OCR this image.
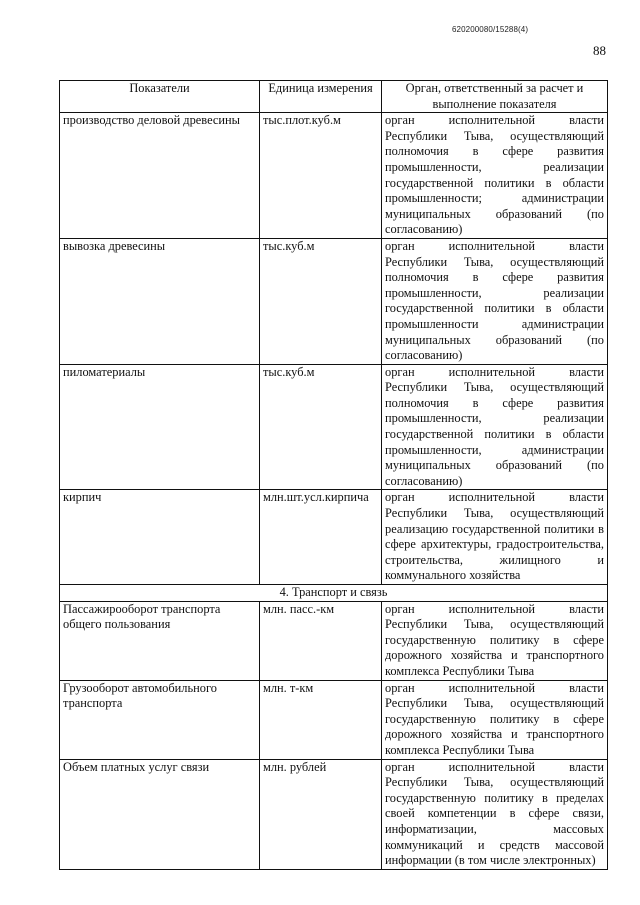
620200080/15288(4)
88
Показатели	Единица измерения	Орган, ответственный за расчет и выполнение показателя

производство деловой древесины	тыс.плот.куб.м	орган исполнительной власти Республики Тыва, осуществляющий полномочия в сфере развития промышленности, реализации государственной политики в области промышленности; администрации муниципальных образований (по согласованию)

вывозка древесины	тыс.куб.м	орган исполнительной власти Республики Тыва, осуществляющий полномочия в сфере развития промышленности, реализации государственной политики в области промышленности администрации муниципальных образований (по согласованию)

пиломатериалы	тыс.куб.м	орган исполнительной власти Республики Тыва, осуществляющий полномочия в сфере развития промышленности, реализации государственной политики в области промышленности, администрации муниципальных образований (по согласованию)

кирпич	млн.шт.усл.кирпича	орган исполнительной власти Республики Тыва, осуществляющий реализацию государственной политики в сфере архитектуры, градостроительства, строительства, жилищного и коммунального хозяйства

4. Транспорт и связь		

Пассажирооборот транспорта общего пользования	млн. пасс.-км	орган исполнительной власти Республики Тыва, осуществляющий государственную политику в сфере дорожного хозяйства и транспортного комплекса Республики Тыва

Грузооборот автомобильного транспорта	млн. т-км	орган исполнительной власти Республики Тыва, осуществляющий государственную политику в сфере дорожного хозяйства и транспортного комплекса Республики Тыва

Объем платных услуг связи	млн. рублей	орган исполнительной власти Республики Тыва, осуществляющий государственную политику в пределах своей компетенции в сфере связи, информатизации, массовых коммуникаций и средств массовой информации (в том числе электронных)
